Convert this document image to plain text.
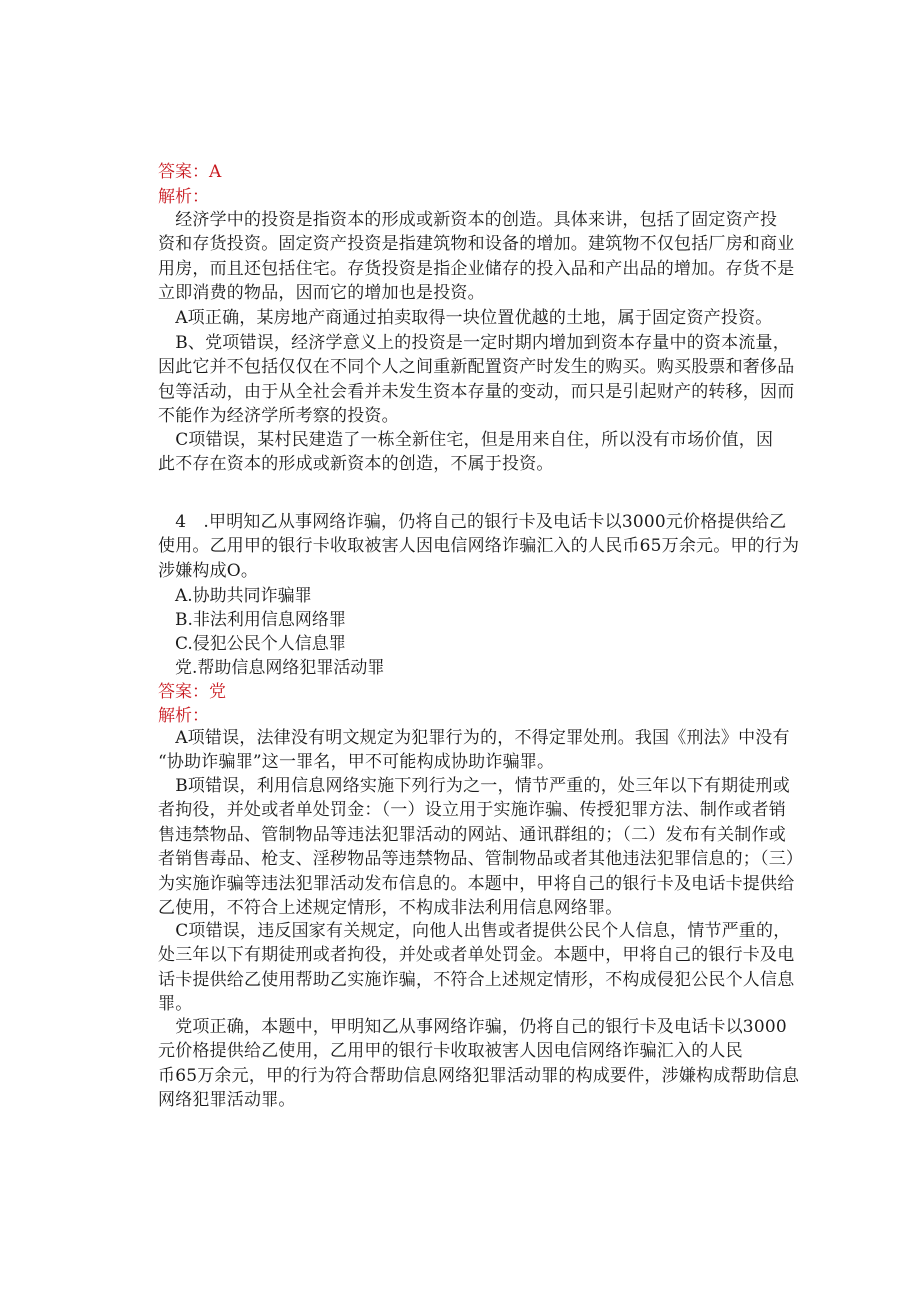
答案：A

解析：

　经济学中的投资是指资本的形成或新资本的创造。具体来讲，包括了固定资产投
资和存货投资。固定资产投资是指建筑物和设备的增加。建筑物不仅包括厂房和商业
用房，而且还包括住宅。存货投资是指企业储存的投入品和产出品的增加。存货不是
立即消费的物品，因而它的增加也是投资。

　A项正确，某房地产商通过拍卖取得一块位置优越的土地，属于固定资产投资。

　B、党项错误，经济学意义上的投资是一定时期内增加到资本存量中的资本流量，
因此它并不包括仅仅在不同个人之间重新配置资产时发生的购买。购买股票和奢侈品
包等活动，由于从全社会看并未发生资本存量的变动，而只是引起财产的转移，因而
不能作为经济学所考察的投资。

　C项错误，某村民建造了一栋全新住宅，但是用来自住，所以没有市场价值，因
此不存在资本的形成或新资本的创造，不属于投资。

　4　.甲明知乙从事网络诈骗，仍将自己的银行卡及电话卡以3000元价格提供给乙
使用。乙用甲的银行卡收取被害人因电信网络诈骗汇入的人民币65万余元。甲的行为
涉嫌构成O。

　A.协助共同诈骗罪

　B.非法利用信息网络罪

　C.侵犯公民个人信息罪

　党.帮助信息网络犯罪活动罪

答案：党

解析：

　A项错误，法律没有明文规定为犯罪行为的，不得定罪处刑。我国《刑法》中没有
“协助诈骗罪”这一罪名，甲不可能构成协助诈骗罪。

　B项错误，利用信息网络实施下列行为之一，情节严重的，处三年以下有期徒刑或
者拘役，并处或者单处罚金：（一）设立用于实施诈骗、传授犯罪方法、制作或者销
售违禁物品、管制物品等违法犯罪活动的网站、通讯群组的；（二）发布有关制作或
者销售毒品、枪支、淫秽物品等违禁物品、管制物品或者其他违法犯罪信息的；（三）
为实施诈骗等违法犯罪活动发布信息的。本题中，甲将自己的银行卡及电话卡提供给
乙使用，不符合上述规定情形，不构成非法利用信息网络罪。

　C项错误，违反国家有关规定，向他人出售或者提供公民个人信息，情节严重的，
处三年以下有期徒刑或者拘役，并处或者单处罚金。本题中，甲将自己的银行卡及电
话卡提供给乙使用帮助乙实施诈骗，不符合上述规定情形，不构成侵犯公民个人信息
罪。

　党项正确，本题中，甲明知乙从事网络诈骗，仍将自己的银行卡及电话卡以3000
元价格提供给乙使用，乙用甲的银行卡收取被害人因电信网络诈骗汇入的人民
币65万余元，甲的行为符合帮助信息网络犯罪活动罪的构成要件，涉嫌构成帮助信息
网络犯罪活动罪。
